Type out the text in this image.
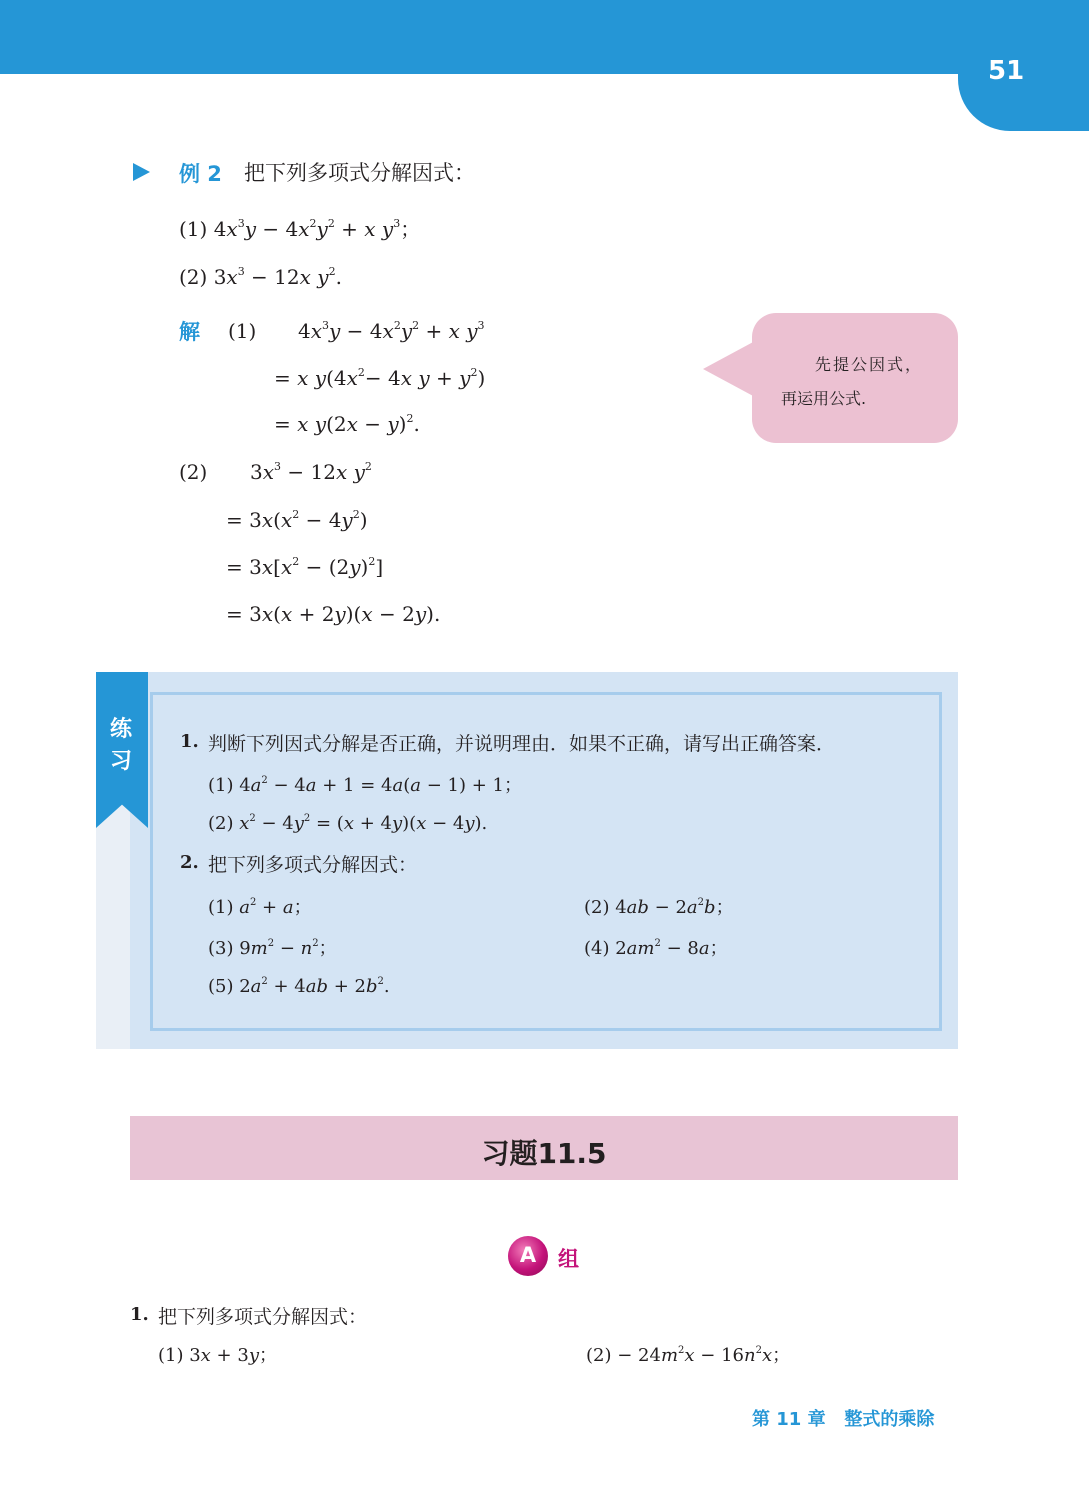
51
例 2 把下列多项式分解因式：
(1) $4x^3y - 4x^2y^2 + x$ $y^3$；
(2) $3x^3 - 12x$ $y^2$.
解 (1) $4x^3y - 4x^2y^2 + x$ $y^3$
= x $y(4x^2- 4x$ $y + y^2$)
= x $y(2x - y)^2$.
(2) $3x^3 - 12x$ $y^2$
= $3x(x^2 - 4y^2)$
= $3x[x^2 - (2y)^2]$
= 3x(x + 2y)(x − 2y).
先提公因式，
再运用公式.
练
习
1. 判断下列因式分解是否正确，并说明理由．如果不正确，请写出正确答案．
(1) $4a^2 - 4a + 1 = 4a(a - 1) + 1$；
(2) $x^2 - 4y^2 = (x + 4y)(x - 4y)$.
2. 把下列多项式分解因式：
(1) $a^2 + a$；	(2) $4ab - 2a^2b$；
(3) $9m^2 - n^2$；	(4) $2am^2 - 8a$；
(5) $2a^2 + 4ab + 2b^2$.
习题11.5
A	组
1. 把下列多项式分解因式：
(1) 3x + 3y；	$(2) - 24m^2x - 16n^2x$；
第 11 章 整式的乘除
